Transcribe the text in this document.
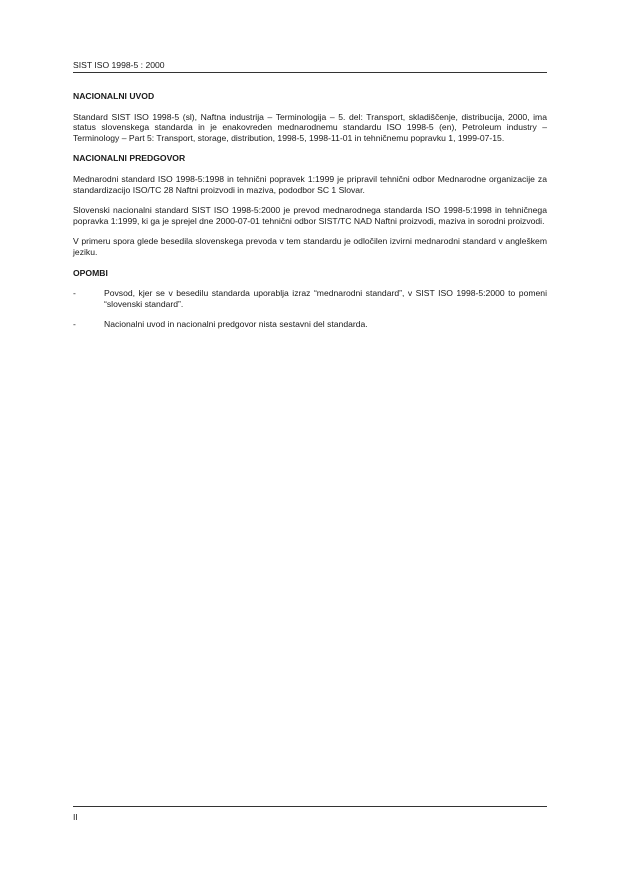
SIST ISO 1998-5 : 2000
NACIONALNI UVOD

Standard SIST ISO 1998-5 (sl), Naftna industrija – Terminologija – 5. del: Transport, skladiščenje, distribucija, 2000, ima status slovenskega standarda in je enakovreden mednarodnemu standardu ISO 1998-5 (en), Petroleum industry – Terminology – Part 5: Transport, storage, distribution, 1998-5, 1998-11-01 in tehničnemu popravku 1, 1999-07-15.

NACIONALNI PREDGOVOR

Mednarodni standard ISO 1998-5:1998 in tehnični popravek 1:1999 je pripravil tehnični odbor Mednarodne organizacije za standardizacijo ISO/TC 28 Naftni proizvodi in maziva, pododbor SC 1 Slovar.

Slovenski nacionalni standard SIST ISO 1998-5:2000 je prevod mednarodnega standarda ISO 1998-5:1998 in tehničnega popravka 1:1999, ki ga je sprejel dne 2000-07-01 tehnični odbor SIST/TC NAD Naftni proizvodi, maziva in sorodni proizvodi.

V primeru spora glede besedila slovenskega prevoda v tem standardu je odločilen izvirni mednarodni standard v angleškem jeziku.

OPOMBI
-	Povsod, kjer se v besedilu standarda uporablja izraz “mednarodni standard”, v SIST ISO 1998-5:2000 to pomeni “slovenski standard”.
-	Nacionalni uvod in nacionalni predgovor nista sestavni del standarda.
II
